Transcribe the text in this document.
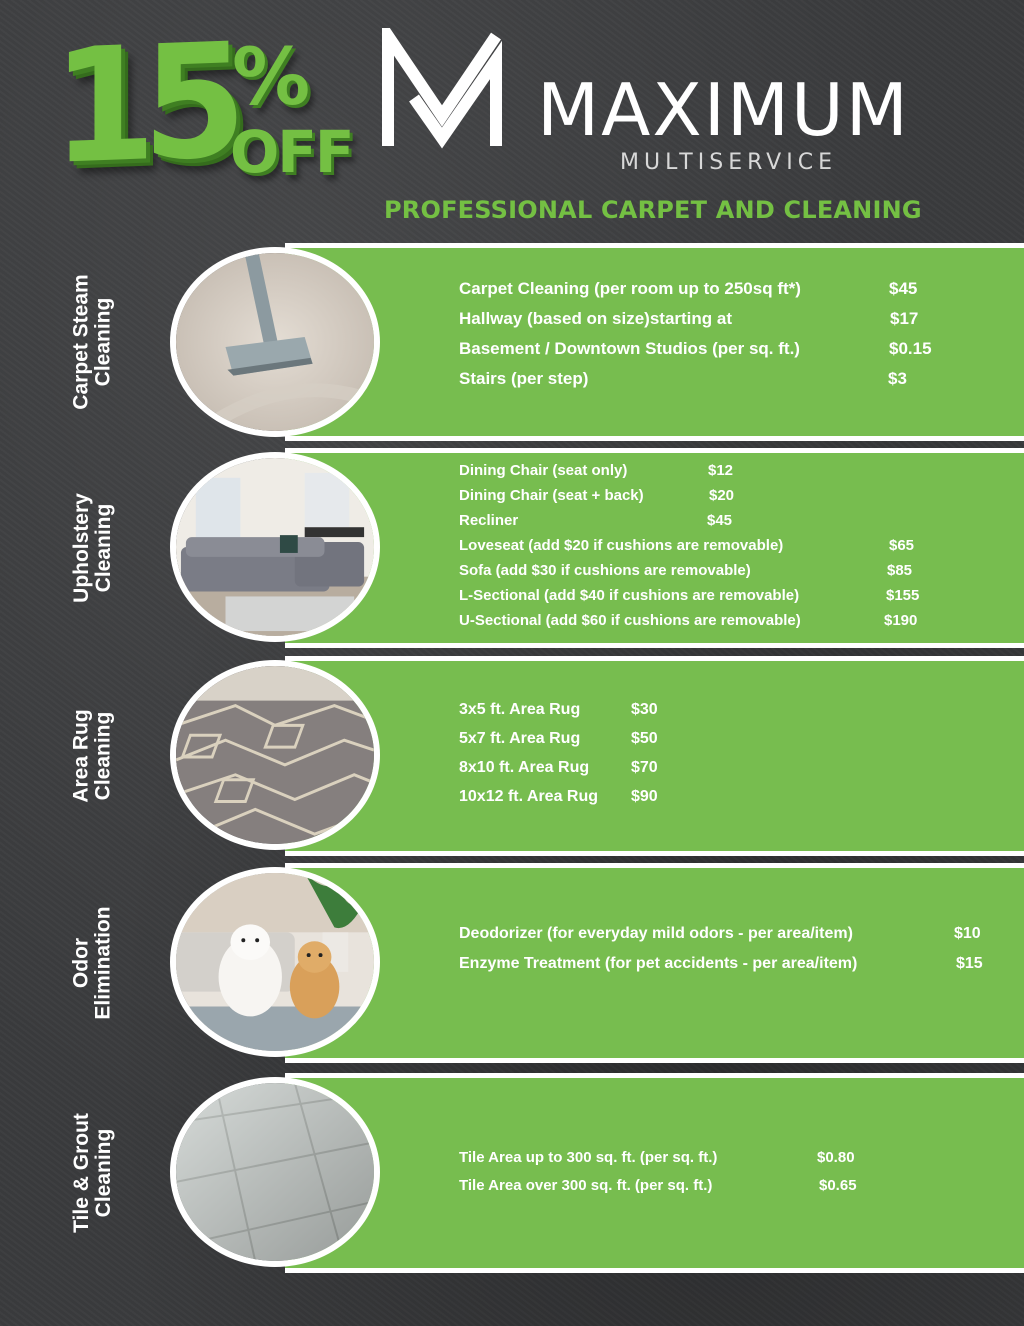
15 %
OFF	MAXIMUM
MULTISERVICE
PROFESSIONAL CARPET AND CLEANING
Carpet Steam Cleaning
Carpet Cleaning (per room up to 250sq ft*)	$45
Hallway (based on size)starting at	$17
Basement / Downtown Studios (per sq. ft.)	$0.15
Stairs (per step)	$3
Upholstery Cleaning
Dining Chair (seat only)	$12
Dining Chair (seat + back)	$20
Recliner	$45
Loveseat (add $20 if cushions are removable)	$65
Sofa (add $30 if cushions are removable)	$85
L-Sectional (add $40 if cushions are removable)	$155
U-Sectional (add $60 if cushions are removable)	$190
Area Rug Cleaning
3x5 ft. Area Rug	$30
5x7 ft. Area Rug	$50
8x10 ft. Area Rug	$70
10x12 ft. Area Rug $90
Odor Elimination	Deodorizer (for everyday mild odors - per area/item)	$10
Enzyme Treatment (for pet accidents - per area/item)	$15
Tile & Grout Cleaning	Tile Area up to 300 sq. ft. (per sq. ft.)	$0.80
Tile Area over 300 sq. ft. (per sq. ft.)	$0.65
